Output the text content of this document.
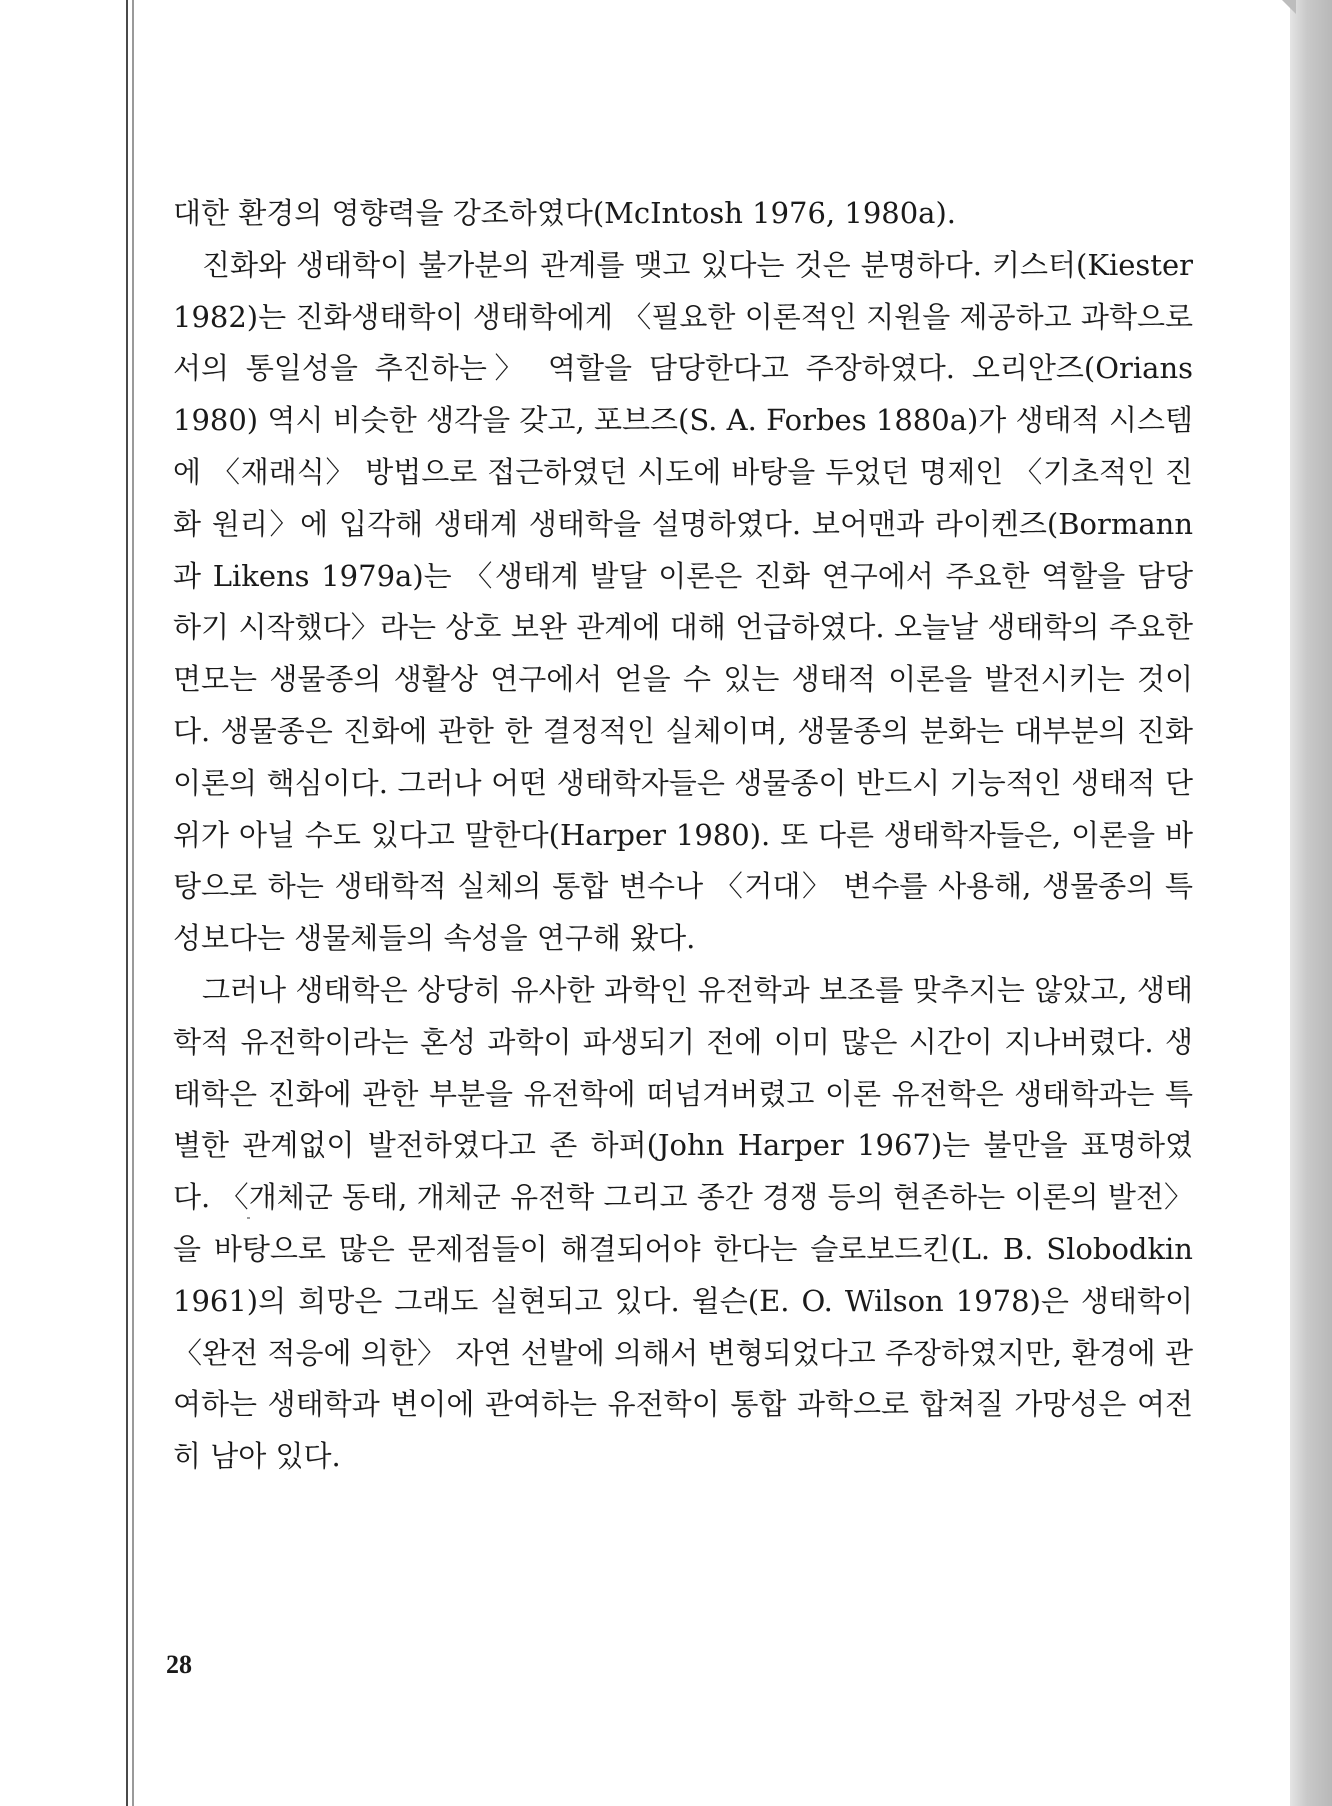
대한 환경의 영향력을 강조하였다(McIntosh 1976, 1980a).

진화와 생태학이 불가분의 관계를 맺고 있다는 것은 분명하다. 키스터(Kiester 1982)는 진화생태학이 생태학에게 〈필요한 이론적인 지원을 제공하고 과학으로서의 통일성을 추진하는〉 역할을 담당한다고 주장하였다. 오리안즈(Orians 1980) 역시 비슷한 생각을 갖고, 포브즈(S. A. Forbes 1880a)가 생태적 시스템에 〈재래식〉 방법으로 접근하였던 시도에 바탕을 두었던 명제인 〈기초적인 진화 원리〉에 입각해 생태계 생태학을 설명하였다. 보어맨과 라이켄즈(Bormann과 Likens 1979a)는 〈생태계 발달 이론은 진화 연구에서 주요한 역할을 담당하기 시작했다〉라는 상호 보완 관계에 대해 언급하였다. 오늘날 생태학의 주요한 면모는 생물종의 생활상 연구에서 얻을 수 있는 생태적 이론을 발전시키는 것이다. 생물종은 진화에 관한 한 결정적인 실체이며, 생물종의 분화는 대부분의 진화 이론의 핵심이다. 그러나 어떤 생태학자들은 생물종이 반드시 기능적인 생태적 단위가 아닐 수도 있다고 말한다(Harper 1980). 또 다른 생태학자들은, 이론을 바탕으로 하는 생태학적 실체의 통합 변수나 〈거대〉 변수를 사용해, 생물종의 특성보다는 생물체들의 속성을 연구해 왔다.

그러나 생태학은 상당히 유사한 과학인 유전학과 보조를 맞추지는 않았고, 생태학적 유전학이라는 혼성 과학이 파생되기 전에 이미 많은 시간이 지나버렸다. 생태학은 진화에 관한 부분을 유전학에 떠넘겨버렸고 이론 유전학은 생태학과는 특별한 관계없이 발전하였다고 존 하퍼(John Harper 1967)는 불만을 표명하였다. 〈개체군 동태, 개체군 유전학 그리고 종간 경쟁 등의 현존하는 이론의 발전〉을 바탕으로 많은 문제점들이 해결되어야 한다는 슬로보드킨(L. B. Slobodkin 1961)의 희망은 그래도 실현되고 있다. 윌슨(E. O. Wilson 1978)은 생태학이 〈완전 적응에 의한〉 자연 선발에 의해서 변형되었다고 주장하였지만, 환경에 관여하는 생태학과 변이에 관여하는 유전학이 통합 과학으로 합쳐질 가망성은 여전히 남아 있다.

28
